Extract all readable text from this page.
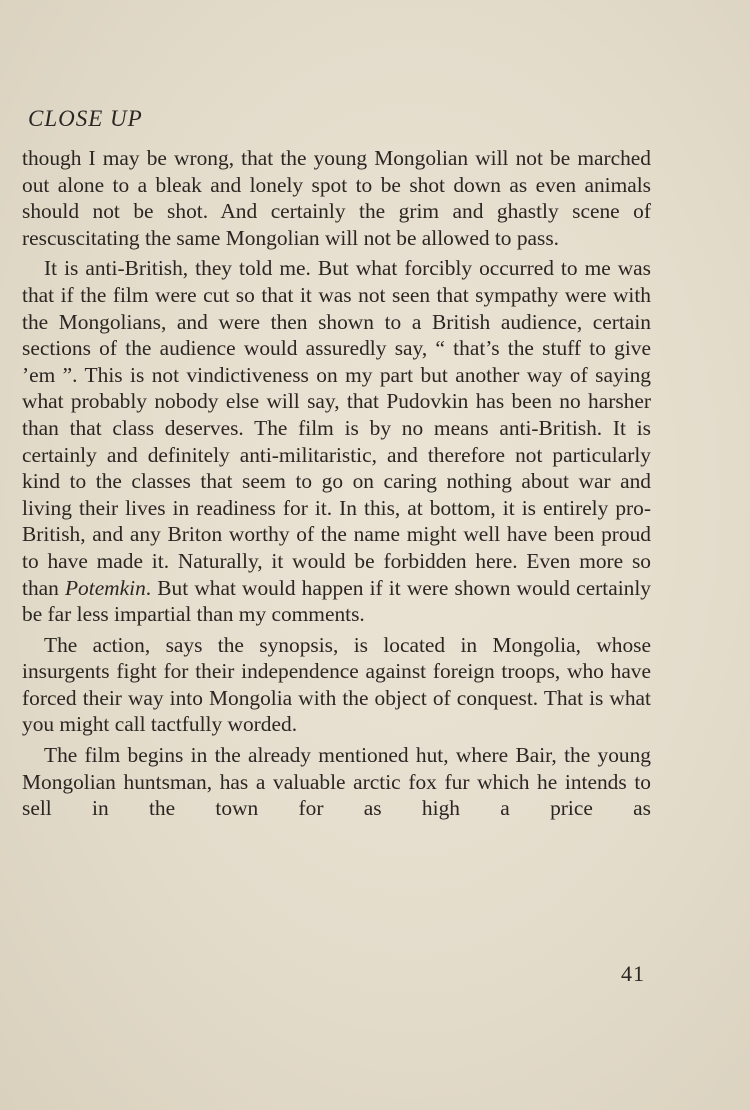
CLOSE UP

though I may be wrong, that the young Mongolian will not be marched out alone to a bleak and lonely spot to be shot down as even animals should not be shot. And certainly the grim and ghastly scene of rescuscitating the same Mongolian will not be allowed to pass.

It is anti-British, they told me. But what forcibly occurred to me was that if the film were cut so that it was not seen that sympathy were with the Mongolians, and were then shown to a British audience, certain sections of the audience would assuredly say, “ that’s the stuff to give ’em ”. This is not vindictiveness on my part but another way of saying what probably nobody else will say, that Pudovkin has been no harsher than that class deserves. The film is by no means anti-British. It is certainly and definitely anti-militaristic, and therefore not particularly kind to the classes that seem to go on caring nothing about war and living their lives in readiness for it. In this, at bottom, it is entirely pro-British, and any Briton worthy of the name might well have been proud to have made it. Naturally, it would be forbidden here. Even more so than Potemkin. But what would happen if it were shown would certainly be far less impartial than my comments.

The action, says the synopsis, is located in Mongolia, whose insurgents fight for their independence against foreign troops, who have forced their way into Mongolia with the object of conquest. That is what you might call tactfully worded.

The film begins in the already mentioned hut, where Bair, the young Mongolian huntsman, has a valuable arctic fox fur which he intends to sell in the town for as high a price as

41
